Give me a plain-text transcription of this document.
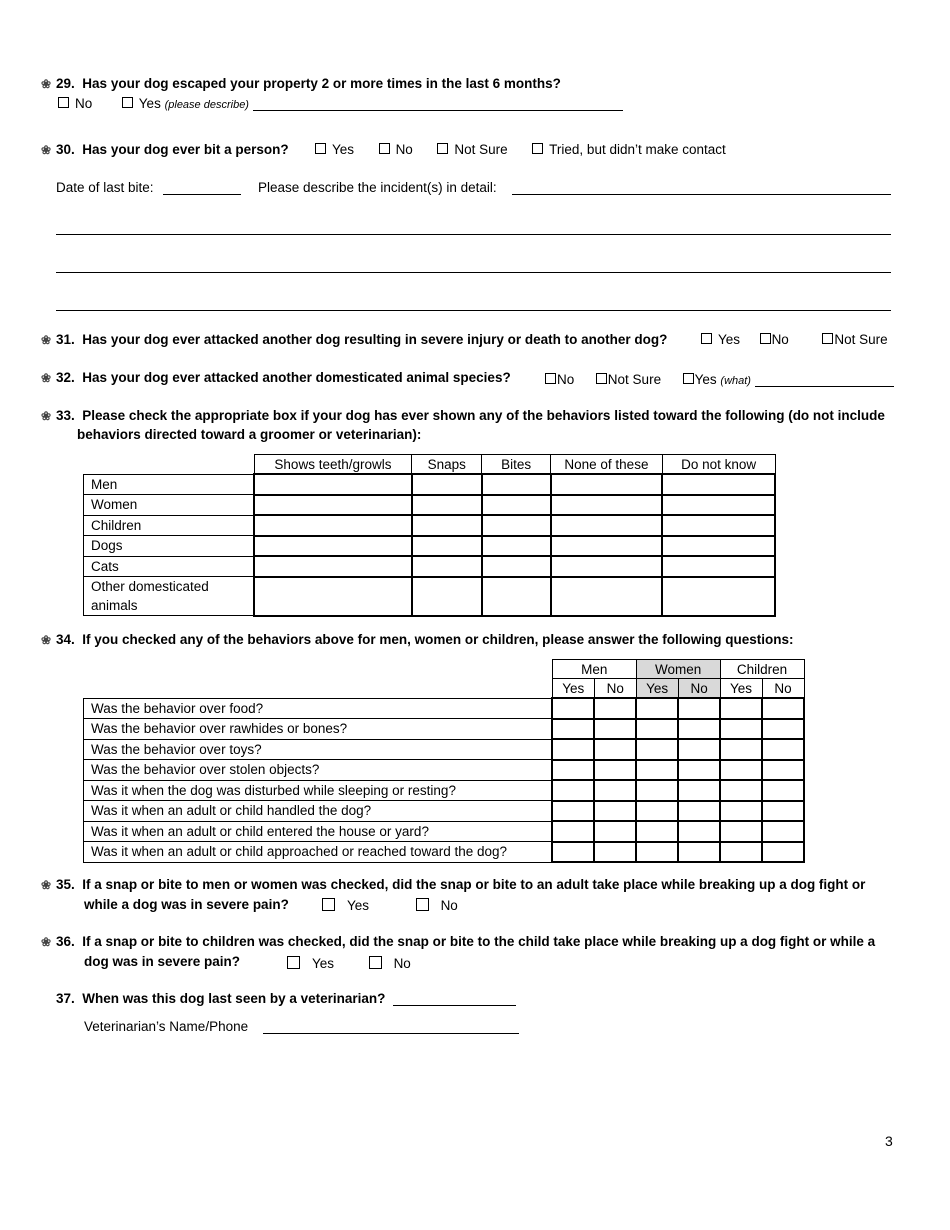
❀ 29. Has your dog escaped your property 2 or more times in the last 6 months?
No	Yes (please describe)
❀ 30. Has your dog ever bit a person?	Yes	No	Not Sure	Tried, but didn’t make contact
Date of last bite:	Please describe the incident(s) in detail:
❀ 31. Has your dog ever attacked another dog resulting in severe injury or death to another dog?	Yes No	Not Sure
❀ 32. Has your dog ever attacked another domesticated animal species?	No Not Sure Yes (what)
❀ 33. Please check the appropriate box if your dog has ever shown any of the behaviors listed toward the following (do not include
behaviors directed toward a groomer or veterinarian):
	Shows teeth/growls	Snaps	Bites	None of these	Do not know
Men					
Women					
Children					
Dogs					
Cats					
Other domesticated
animals					
❀ 34. If you checked any of the behaviors above for men, women or children, please answer the following questions:
	Men		Women		Children	
	Yes	No	Yes	No	Yes	No
Was the behavior over food?						
Was the behavior over rawhides or bones?						
Was the behavior over toys?						
Was the behavior over stolen objects?						
Was it when the dog was disturbed while sleeping or resting?						
Was it when an adult or child handled the dog?						
Was it when an adult or child entered the house or yard?						
Was it when an adult or child approached or reached toward the dog?						
❀ 35. If a snap or bite to men or women was checked, did the snap or bite to an adult take place while breaking up a dog fight or
while a dog was in severe pain?	Yes	No
❀ 36. If a snap or bite to children was checked, did the snap or bite to the child take place while breaking up a dog fight or while a
dog was in severe pain?	Yes	No
37. When was this dog last seen by a veterinarian?
Veterinarian’s Name/Phone
3
